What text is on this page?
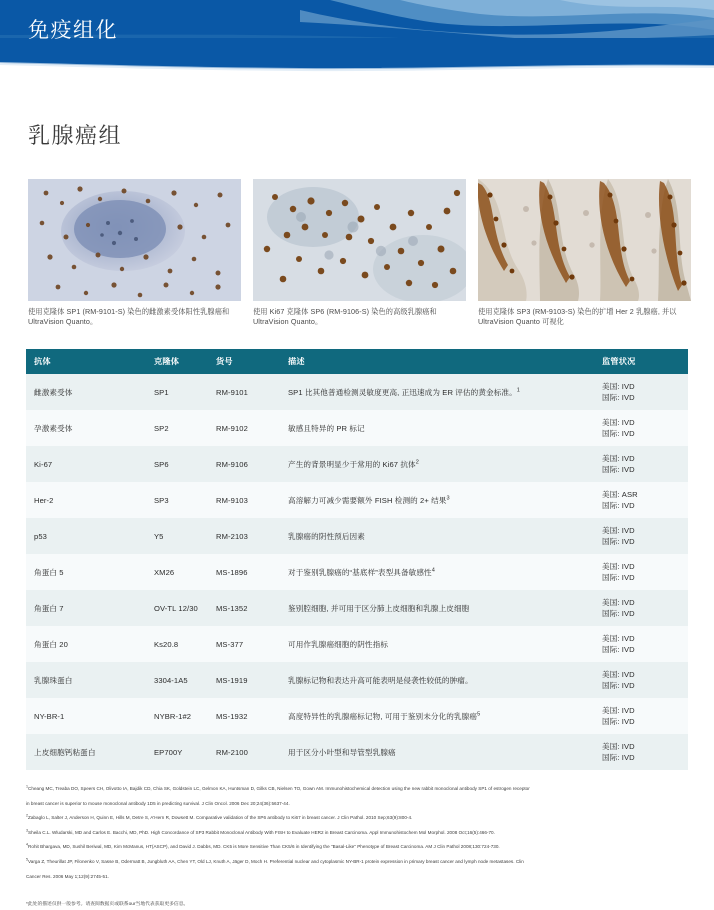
免疫组化
乳腺癌组
使用克隆体 SP1 (RM-9101-S) 染色的雌激素受体阳性乳腺癌和 UltraVision Quanto。
使用 Ki67 克隆体 SP6 (RM-9106-S) 染色的高级乳腺癌和 UltraVision Quanto。
使用克隆体 SP3 (RM-9103-S) 染色的扩增 Her 2 乳腺癌, 并以 UltraVision Quanto 可视化
抗体	克隆体	货号	描述	监管状况
雌激素受体	SP1	RM-9101	SP1 比其他普通检测灵敏度更高, 正迅速成为 ER 评估的黄金标准。$^1$	美国: IVD
国际: IVD

孕激素受体	SP2	RM-9102	敏感且特异的 PR 标记	美国: IVD
国际: IVD

Ki-67	SP6	RM-9106	产生的背景明显少于常用的 Ki67 抗体$^2$	美国: IVD
国际: IVD

Her-2	SP3	RM-9103	高溶解力可减少需要额外 FISH 检测的 2+ 结果$^3$	美国: ASR
国际: IVD

p53	Y5	RM-2103	乳腺癌的阴性预后因素	美国: IVD
国际: IVD

角蛋白 5	XM26	MS-1896	对于鉴别乳腺癌的“基底样”表型具备敏感性$^4$	美国: IVD
国际: IVD

角蛋白 7	OV-TL 12/30	MS-1352	鉴别腔细胞, 并可用于区分肺上皮细胞和乳腺上皮细胞	美国: IVD
国际: IVD

角蛋白 20	Ks20.8	MS-377	可用作乳腺癌细胞的阴性指标	美国: IVD
国际: IVD

乳腺珠蛋白	3304-1A5	MS-1919	乳腺标记物和表达升高可能表明是侵袭性较低的肿瘤。	美国: IVD
国际: IVD

NY-BR-1	NYBR-1#2	MS-1932	高度特异性的乳腺癌标记物, 可用于鉴别未分化的乳腺癌$^5$	美国: IVD
国际: IVD

上皮细胞钙粘蛋白	EP700Y	RM-2100	用于区分小叶型和导管型乳腺癌	美国: IVD
国际: IVD

$^1$Cheang MC, Treaba DO, Speers CH, Olivotto IA, Bajdik CD, Chia SK, Goldstein LC, Gelmon KA, Huntsman D, Gilks CB, Nielsen TO, Gown AM. Immunohistochemical detection using the new rabbit monoclonal antibody SP1 of estrogen receptor

in breast cancer is superior to mouse monoclonal antibody 1D5 in predicting survival. J Clin Oncol. 2006 Dec 20;24(36):5637-44.

$^2$Zabaglo L, Salter J, Anderson H, Quinn E, Hills M, Detre S, A'Hern R, Dowsett M. Comparative validation of the SP6 antibody to Ki67 in breast cancer. J Clin Pathol. 2010 Sep;63(9):800-4.

$^3$Sheila C.L. Wludarski, MD and Carlos E. Bacchi, MD, PhD. High Concordance of SP3 Rabbit Monoclonal Antibody With FISH to Evaluate HER2 in Breast Carcinoma. Appl Immunohistochem Mol Morphol. 2008 Oct;16(5):466-70.

$^4$Rohit Bhargava, MD, Sushil Beriwal, MD, Kim McManus, HT(ASCP), and David J. Dabbs, MD. CK5 is More Sensitive Than CK5/6 in Identifying the "Basal-Like" Phenotype of Breast Carcinoma. AM J Clin Pathol 2008;130:724-730.

$^5$Varga Z, Theurillat JP, Filonenko V, Sasse B, Odermatt B, Jungbluth AA, Chen YT, Old LJ, Knuth A, Jäger D, Moch H. Preferential nuclear and cytoplasmic NY-BR-1 protein expression in primary breast cancer and lymph node metastases. Clin

Cancer Res. 2006 May 1;12(9):2745-51.

*此处的描述仅供一般参考。请查阅数据页或联系our当地代表获取更多信息。
